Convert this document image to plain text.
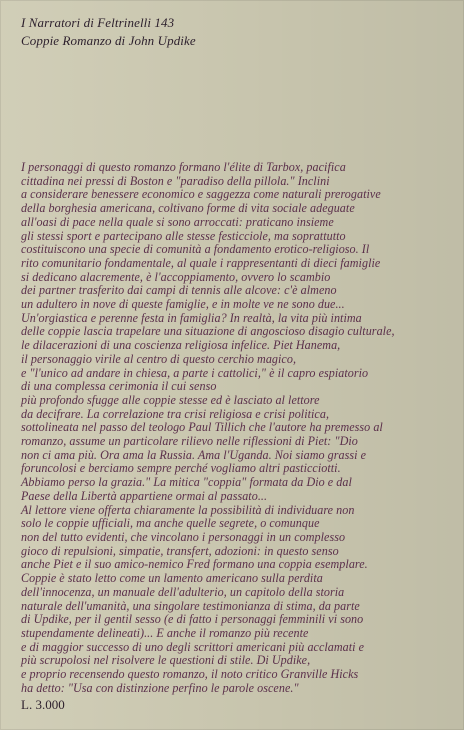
I Narratori di Feltrinelli 143
Coppie Romanzo di John Updike
I personaggi di questo romanzo formano l'élite di Tarbox, pacifica
cittadina nei pressi di Boston e "paradiso della pillola." Inclini
a considerare benessere economico e saggezza come naturali prerogative
della borghesia americana, coltivano forme di vita sociale adeguate
all'oasi di pace nella quale si sono arroccati: praticano insieme
gli stessi sport e partecipano alle stesse festicciole, ma soprattutto
costituiscono una specie di comunità a fondamento erotico-religioso. Il
rito comunitario fondamentale, al quale i rappresentanti di dieci famiglie
si dedicano alacremente, è l'accoppiamento, ovvero lo scambio
dei partner trasferito dai campi di tennis alle alcove: c'è almeno
un adultero in nove di queste famiglie, e in molte ve ne sono due...
Un'orgiastica e perenne festa in famiglia? In realtà, la vita più intima
delle coppie lascia trapelare una situazione di angoscioso disagio culturale,
le dilacerazioni di una coscienza religiosa infelice. Piet Hanema,
il personaggio virile al centro di questo cerchio magico,
e "l'unico ad andare in chiesa, a parte i cattolici," è il capro espiatorio
di una complessa cerimonia il cui senso
più profondo sfugge alle coppie stesse ed è lasciato al lettore
da decifrare. La correlazione tra crisi religiosa e crisi politica,
sottolineata nel passo del teologo Paul Tillich che l'autore ha premesso al
romanzo, assume un particolare rilievo nelle riflessioni di Piet: "Dio
non ci ama più. Ora ama la Russia. Ama l'Uganda. Noi siamo grassi e
foruncolosi e berciamo sempre perché vogliamo altri pasticciotti.
Abbiamo perso la grazia." La mitica "coppia" formata da Dio e dal
Paese della Libertà appartiene ormai al passato...
Al lettore viene offerta chiaramente la possibilità di individuare non
solo le coppie ufficiali, ma anche quelle segrete, o comunque
non del tutto evidenti, che vincolano i personaggi in un complesso
gioco di repulsioni, simpatie, transfert, adozioni: in questo senso
anche Piet e il suo amico-nemico Fred formano una coppia esemplare.
Coppie è stato letto come un lamento americano sulla perdita
dell'innocenza, un manuale dell'adulterio, un capitolo della storia
naturale dell'umanità, una singolare testimonianza di stima, da parte
di Updike, per il gentil sesso (e di fatto i personaggi femminili vi sono
stupendamente delineati)... E anche il romanzo più recente
e di maggior successo di uno degli scrittori americani più acclamati e
più scrupolosi nel risolvere le questioni di stile. Di Updike,
e proprio recensendo questo romanzo, il noto critico Granville Hicks
ha detto: "Usa con distinzione perfino le parole oscene."
L. 3.000
